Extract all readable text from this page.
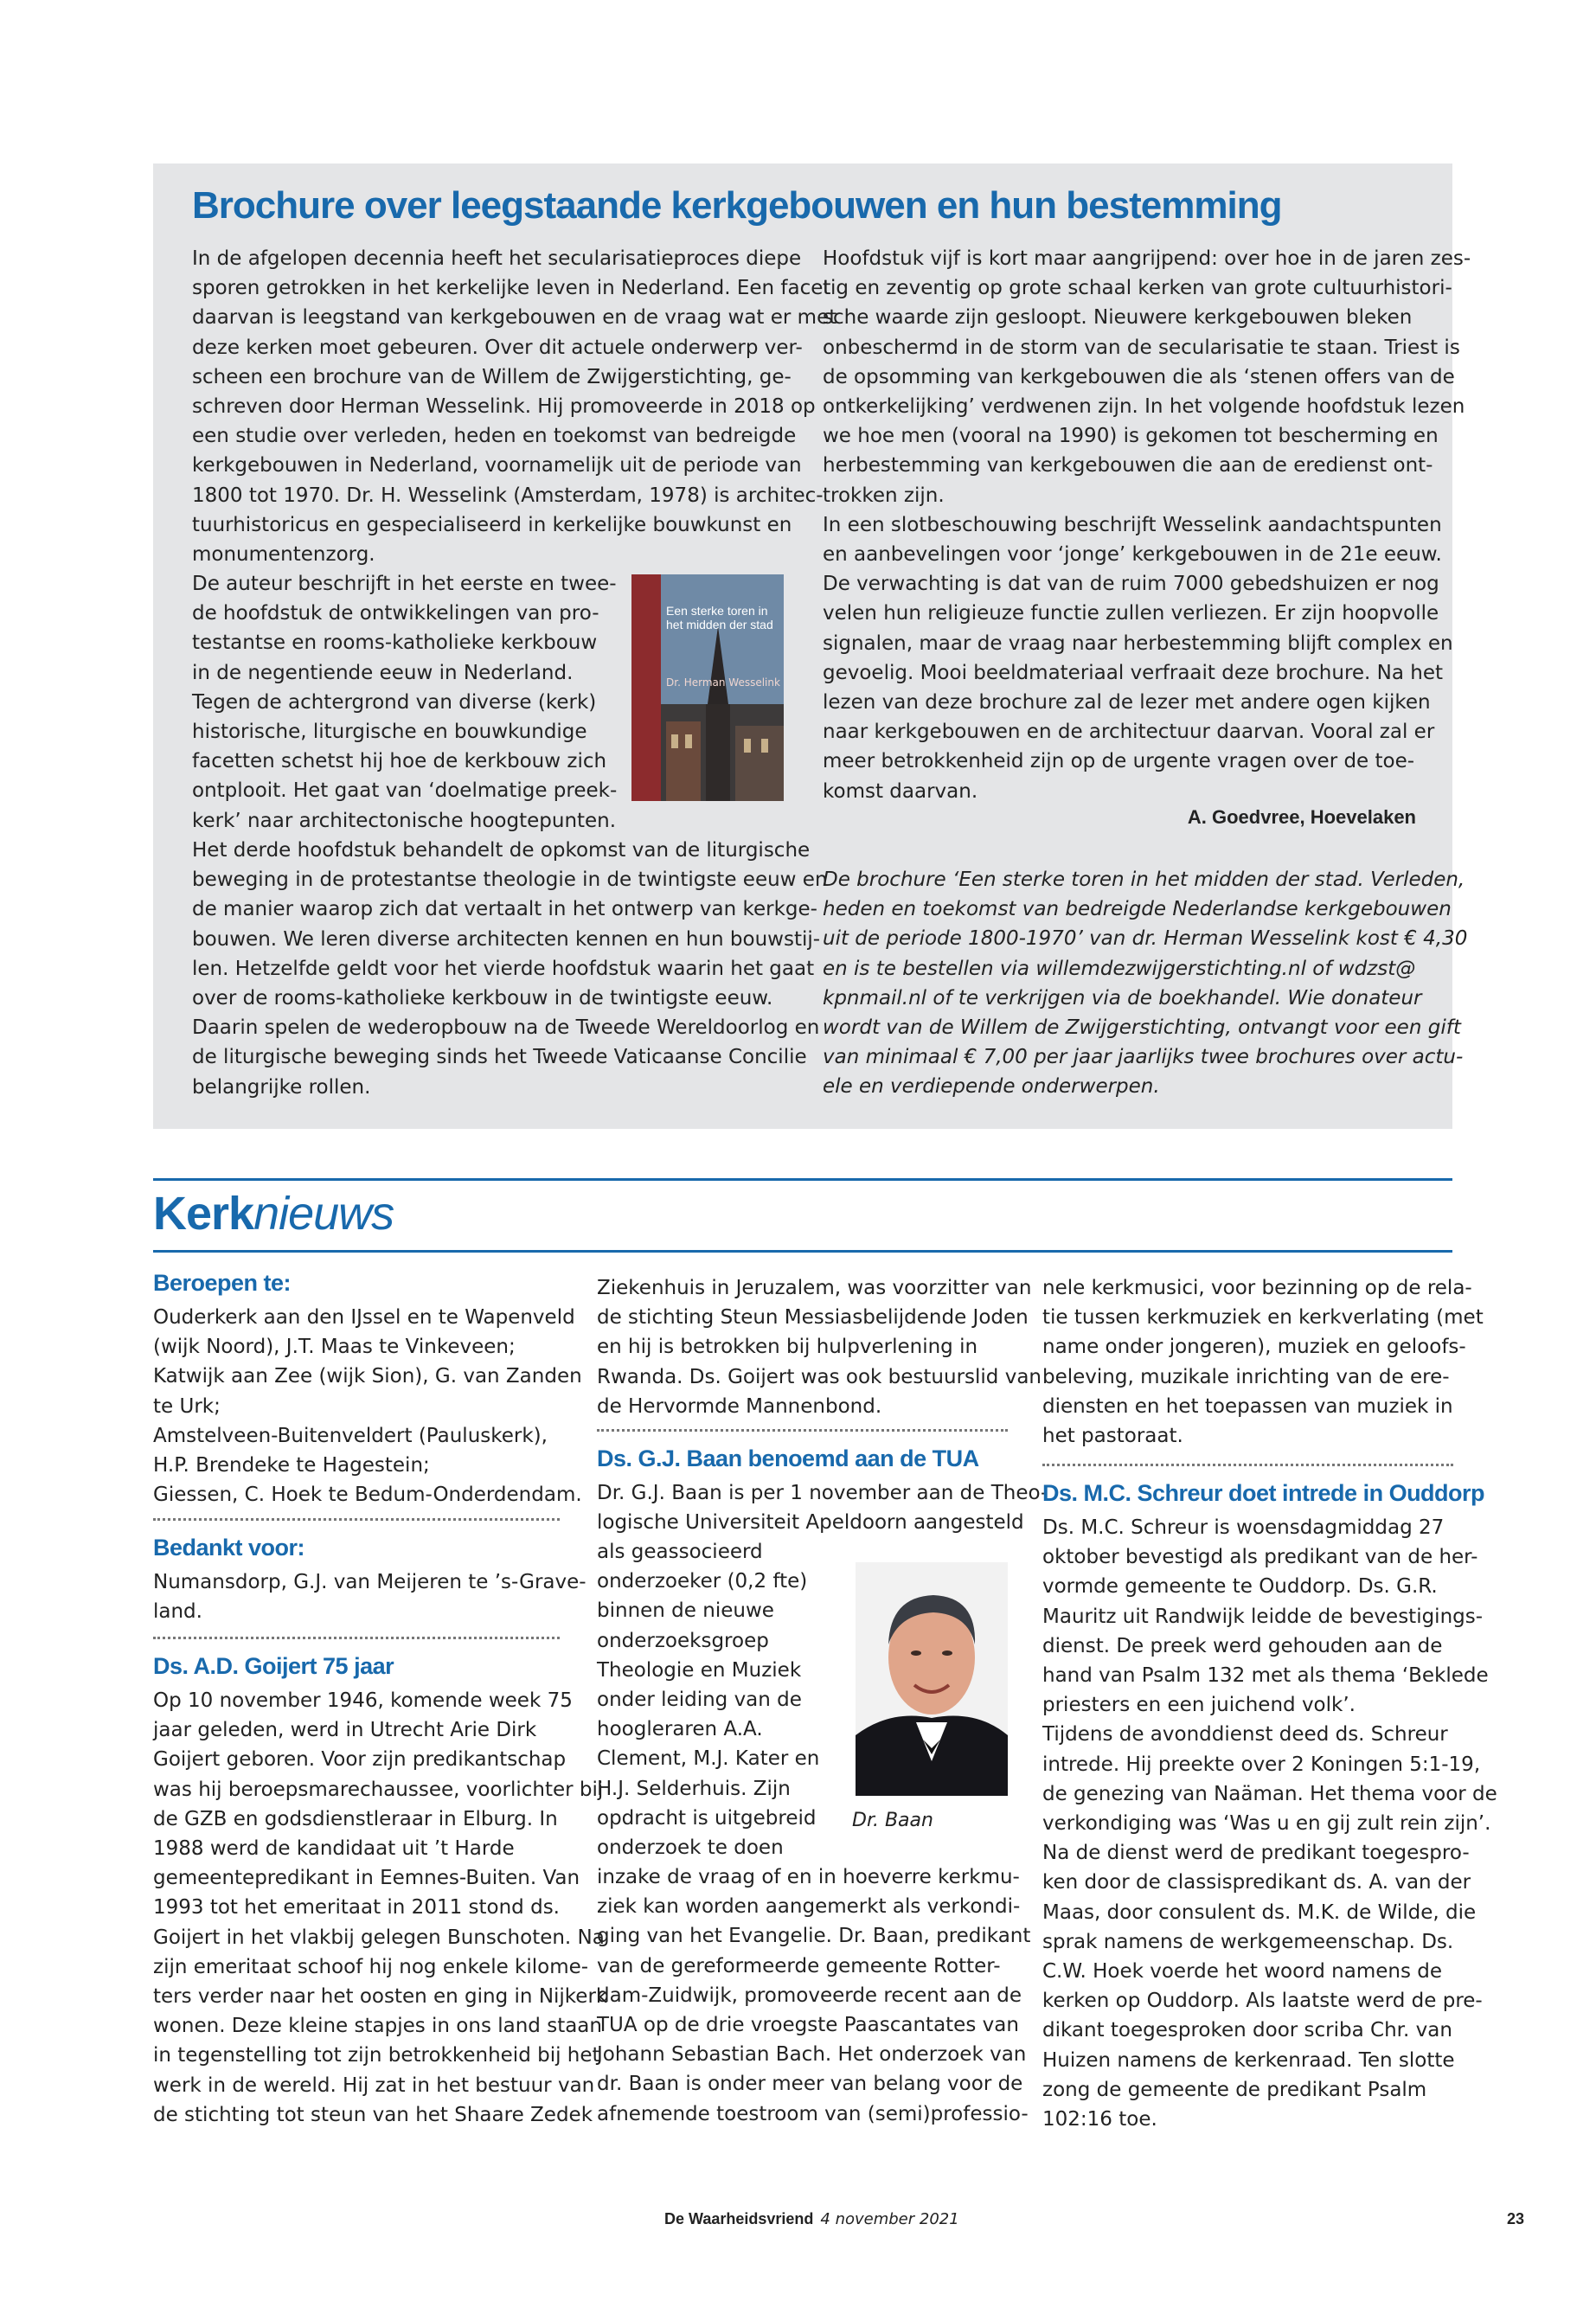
Brochure over leegstaande kerkgebouwen en hun bestemming
In de afgelopen decennia heeft het secularisatieproces diepe
sporen getrokken in het kerkelijke leven in Nederland. Een facet
daarvan is leegstand van kerkgebouwen en de vraag wat er met
deze kerken moet gebeuren. Over dit actuele onderwerp ver-
scheen een brochure van de Willem de Zwijgerstichting, ge-
schreven door Herman Wesselink. Hij promoveerde in 2018 op
een studie over verleden, heden en toekomst van bedreigde
kerkgebouwen in Nederland, voornamelijk uit de periode van
1800 tot 1970. Dr. H. Wesselink (Amsterdam, 1978) is architec-
tuurhistoricus en gespecialiseerd in kerkelijke bouwkunst en
monumentenzorg.
De auteur beschrijft in het eerste en twee-
de hoofdstuk de ontwikkelingen van pro-
testantse en rooms-katholieke kerkbouw
in de negentiende eeuw in Nederland.
Tegen de achtergrond van diverse (kerk)
historische, liturgische en bouwkundige
facetten schetst hij hoe de kerkbouw zich
ontplooit. Het gaat van ‘doelmatige preek-
kerk’ naar architectonische hoogtepunten.
Het derde hoofdstuk behandelt de opkomst van de liturgische
beweging in de protestantse theologie in de twintigste eeuw en
de manier waarop zich dat vertaalt in het ontwerp van kerkge-
bouwen. We leren diverse architecten kennen en hun bouwstij-
len. Hetzelfde geldt voor het vierde hoofdstuk waarin het gaat
over de rooms-katholieke kerkbouw in de twintigste eeuw.
Daarin spelen de wederopbouw na de Tweede Wereldoorlog en
de liturgische beweging sinds het Tweede Vaticaanse Concilie
belangrijke rollen.
Hoofdstuk vijf is kort maar aangrijpend: over hoe in de jaren zes-
tig en zeventig op grote schaal kerken van grote cultuurhistori-
sche waarde zijn gesloopt. Nieuwere kerkgebouwen bleken
onbeschermd in de storm van de secularisatie te staan. Triest is
de opsomming van kerkgebouwen die als ‘stenen offers van de
ontkerkelijking’ verdwenen zijn. In het volgende hoofdstuk lezen
we hoe men (vooral na 1990) is gekomen tot bescherming en
herbestemming van kerkgebouwen die aan de eredienst ont-
trokken zijn.
In een slotbeschouwing beschrijft Wesselink aandachtspunten
en aanbevelingen voor ‘jonge’ kerkgebouwen in de 21e eeuw.
De verwachting is dat van de ruim 7000 gebedshuizen er nog
velen hun religieuze functie zullen verliezen. Er zijn hoopvolle
signalen, maar de vraag naar herbestemming blijft complex en
gevoelig. Mooi beeldmateriaal verfraait deze brochure. Na het
lezen van deze brochure zal de lezer met andere ogen kijken
naar kerkgebouwen en de architectuur daarvan. Vooral zal er
meer betrokkenheid zijn op de urgente vragen over de toe-
komst daarvan.
A. Goedvree, Hoevelaken
De brochure ‘Een sterke toren in het midden der stad. Verleden,
heden en toekomst van bedreigde Nederlandse kerkgebouwen
uit de periode 1800-1970’ van dr. Herman Wesselink kost € 4,30
en is te bestellen via willemdezwijgerstichting.nl of wdzst@
kpnmail.nl of te verkrijgen via de boekhandel. Wie donateur
wordt van de Willem de Zwijgerstichting, ontvangt voor een gift
van minimaal € 7,00 per jaar jaarlijks twee brochures over actu-
ele en verdiepende onderwerpen.
Een sterke toren in het midden der stad
Dr. Herman Wesselink
Kerknieuws
Beroepen te:
Ouderkerk aan den IJssel en te Wapenveld
(wijk Noord), J.T. Maas te Vinkeveen;
Katwijk aan Zee (wijk Sion), G. van Zanden
te Urk;
Amstelveen-Buitenveldert (Pauluskerk),
H.P. Brendeke te Hagestein;
Giessen, C. Hoek te Bedum-Onderdendam.
Bedankt voor:
Numansdorp, G.J. van Meijeren te ’s-Grave-
land.
Ds. A.D. Goijert 75 jaar
Op 10 november 1946, komende week 75
jaar geleden, werd in Utrecht Arie Dirk
Goijert geboren. Voor zijn predikantschap
was hij beroepsmarechaussee, voorlichter bij
de GZB en godsdienstleraar in Elburg. In
1988 werd de kandidaat uit ’t Harde
gemeentepredikant in Eemnes-Buiten. Van
1993 tot het emeritaat in 2011 stond ds.
Goijert in het vlakbij gelegen Bunschoten. Na
zijn emeritaat schoof hij nog enkele kilome-
ters verder naar het oosten en ging in Nijkerk
wonen. Deze kleine stapjes in ons land staan
in tegenstelling tot zijn betrokkenheid bij het
werk in de wereld. Hij zat in het bestuur van
de stichting tot steun van het Shaare Zedek
Ziekenhuis in Jeruzalem, was voorzitter van
de stichting Steun Messiasbelijdende Joden
en hij is betrokken bij hulpverlening in
Rwanda. Ds. Goijert was ook bestuurslid van
de Hervormde Mannenbond.
Ds. G.J. Baan benoemd aan de TUA
Dr. G.J. Baan is per 1 november aan de Theo-
logische Universiteit Apeldoorn aangesteld
als geassocieerd
onderzoeker (0,2 fte)
binnen de nieuwe
onderzoeksgroep
Theologie en Muziek
onder leiding van de
hoogleraren A.A.
Clement, M.J. Kater en
H.J. Selderhuis. Zijn
opdracht is uitgebreid
onderzoek te doen
inzake de vraag of en in hoeverre kerkmu-
ziek kan worden aangemerkt als verkondi-
ging van het Evangelie. Dr. Baan, predikant
van de gereformeerde gemeente Rotter-
dam-Zuidwijk, promoveerde recent aan de
TUA op de drie vroegste Paascantates van
Johann Sebastian Bach. Het onderzoek van
dr. Baan is onder meer van belang voor de
afnemende toestroom van (semi)professio-
Dr. Baan
nele kerkmusici, voor bezinning op de rela-
tie tussen kerkmuziek en kerkverlating (met
name onder jongeren), muziek en geloofs-
beleving, muzikale inrichting van de ere-
diensten en het toepassen van muziek in
het pastoraat.
Ds. M.C. Schreur doet intrede in Ouddorp
Ds. M.C. Schreur is woensdagmiddag 27
oktober bevestigd als predikant van de her-
vormde gemeente te Ouddorp. Ds. G.R.
Mauritz uit Randwijk leidde de bevestigings-
dienst. De preek werd gehouden aan de
hand van Psalm 132 met als thema ‘Beklede
priesters en een juichend volk’.
Tijdens de avonddienst deed ds. Schreur
intrede. Hij preekte over 2 Koningen 5:1-19,
de genezing van Naäman. Het thema voor de
verkondiging was ‘Was u en gij zult rein zijn’.
Na de dienst werd de predikant toegespro-
ken door de classispredikant ds. A. van der
Maas, door consulent ds. M.K. de Wilde, die
sprak namens de werkgemeenschap. Ds.
C.W. Hoek voerde het woord namens de
kerken op Ouddorp. Als laatste werd de pre-
dikant toegesproken door scriba Chr. van
Huizen namens de kerkenraad. Ten slotte
zong de gemeente de predikant Psalm
102:16 toe.
De Waarheidsvriend 4 november 2021	23
